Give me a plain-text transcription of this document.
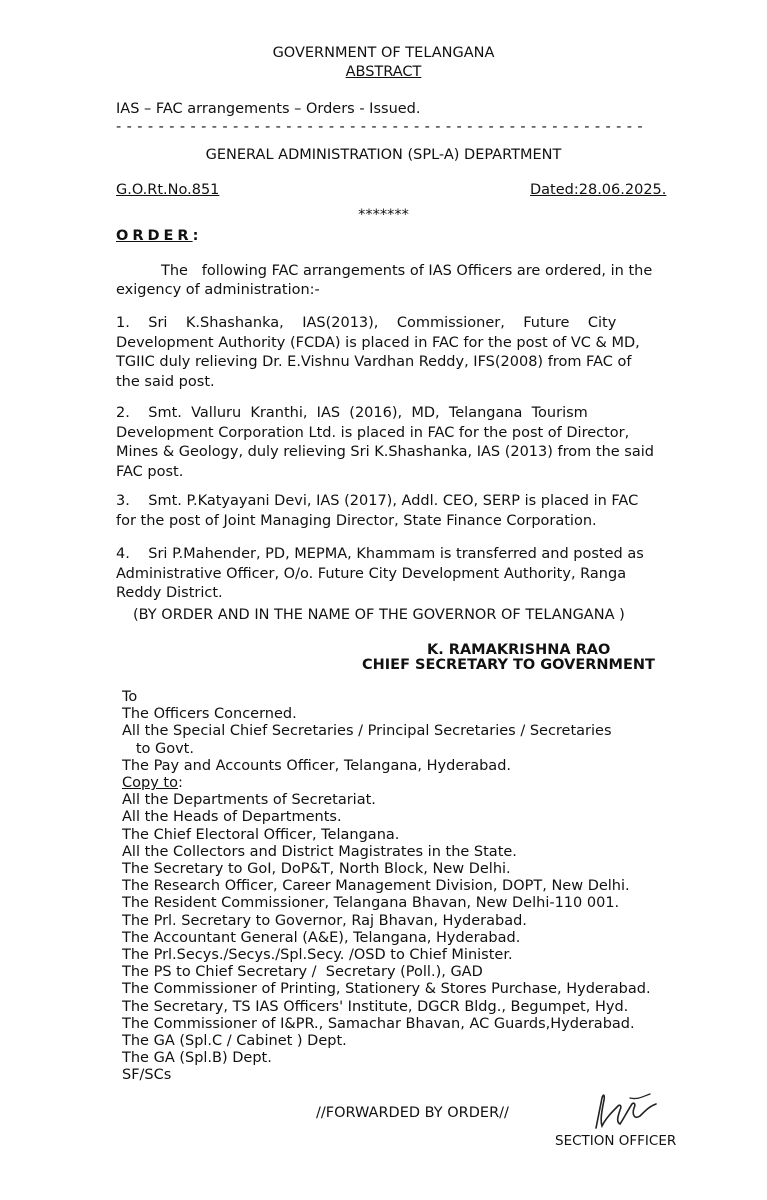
GOVERNMENT OF TELANGANA
ABSTRACT
IAS – FAC arrangements – Orders - Issued.
- - - - - - - - - - - - - - - - - - - - - - - - - - - - - - - - - - - - - - - - - - - - - - - - - -
GENERAL ADMINISTRATION (SPL-A) DEPARTMENT
G.O.Rt.No.851	Dated:28.06.2025.
*******
ORDER:
The   following FAC arrangements of IAS Officers are ordered, in the
exigency of administration:-
1.    Sri    K.Shashanka,    IAS(2013),    Commissioner,    Future    City
Development Authority (FCDA) is placed in FAC for the post of VC & MD,
TGIIC duly relieving Dr. E.Vishnu Vardhan Reddy, IFS(2008) from FAC of
the said post.
2.    Smt.  Valluru  Kranthi,  IAS  (2016),  MD,  Telangana  Tourism
Development Corporation Ltd. is placed in FAC for the post of Director,
Mines & Geology, duly relieving Sri K.Shashanka, IAS (2013) from the said
FAC post.
3.    Smt. P.Katyayani Devi, IAS (2017), Addl. CEO, SERP is placed in FAC
for the post of Joint Managing Director, State Finance Corporation.
4.    Sri P.Mahender, PD, MEPMA, Khammam is transferred and posted as
Administrative Officer, O/o. Future City Development Authority, Ranga
Reddy District.
(BY ORDER AND IN THE NAME OF THE GOVERNOR OF TELANGANA )
K. RAMAKRISHNA RAO
CHIEF SECRETARY TO GOVERNMENT
To
The Officers Concerned.
All the Special Chief Secretaries / Principal Secretaries / Secretaries
to Govt.
The Pay and Accounts Officer, Telangana, Hyderabad.
Copy to:
All the Departments of Secretariat.
All the Heads of Departments.
The Chief Electoral Officer, Telangana.
All the Collectors and District Magistrates in the State.
The Secretary to GoI, DoP&T, North Block, New Delhi.
The Research Officer, Career Management Division, DOPT, New Delhi.
The Resident Commissioner, Telangana Bhavan, New Delhi-110 001.
The Prl. Secretary to Governor, Raj Bhavan, Hyderabad.
The Accountant General (A&E), Telangana, Hyderabad.
The Prl.Secys./Secys./Spl.Secy. /OSD to Chief Minister.
The PS to Chief Secretary /  Secretary (Poll.), GAD
The Commissioner of Printing, Stationery & Stores Purchase, Hyderabad.
The Secretary, TS IAS Officers' Institute, DGCR Bldg., Begumpet, Hyd.
The Commissioner of I&PR., Samachar Bhavan, AC Guards,Hyderabad.
The GA (Spl.C / Cabinet ) Dept.
The GA (Spl.B) Dept.
SF/SCs
//FORWARDED BY ORDER//
SECTION OFFICER
